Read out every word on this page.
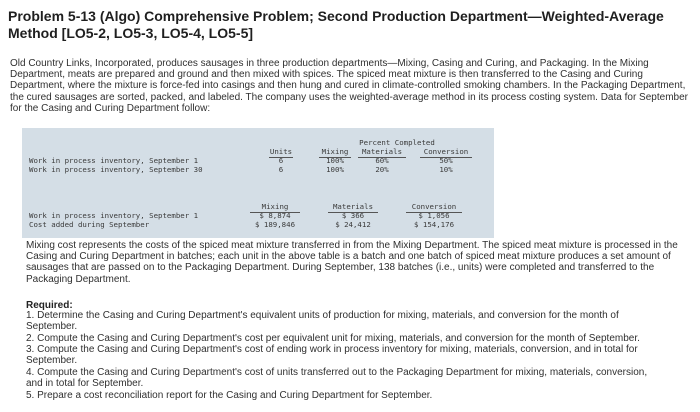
Problem 5-13 (Algo) Comprehensive Problem; Second Production Department—Weighted-Average Method [LO5-2, LO5-3, LO5-4, LO5-5]
Old Country Links, Incorporated, produces sausages in three production departments—Mixing, Casing and Curing, and Packaging. In the Mixing Department, meats are prepared and ground and then mixed with spices. The spiced meat mixture is then transferred to the Casing and Curing Department, where the mixture is force-fed into casings and then hung and cured in climate-controlled smoking chambers. In the Packaging Department, the cured sausages are sorted, packed, and labeled. The company uses the weighted-average method in its process costing system. Data for September for the Casing and Curing Department follow:
Percent Completed
Units	Mixing	Materials	Conversion
Work in process inventory, September 1	6	100%	60%	50%
Work in process inventory, September 30	6	100%	20%	10%
Mixing	Materials	Conversion
Work in process inventory, September 1	$ 8,874	$ 366	$ 1,056
Cost added during September	$ 189,846	$ 24,412	$ 154,176
Mixing cost represents the costs of the spiced meat mixture transferred in from the Mixing Department. The spiced meat mixture is processed in the Casing and Curing Department in batches; each unit in the above table is a batch and one batch of spiced meat mixture produces a set amount of sausages that are passed on to the Packaging Department. During September, 138 batches (i.e., units) were completed and transferred to the Packaging Department.
Required:
1. Determine the Casing and Curing Department's equivalent units of production for mixing, materials, and conversion for the month of September.
2. Compute the Casing and Curing Department's cost per equivalent unit for mixing, materials, and conversion for the month of September.
3. Compute the Casing and Curing Department's cost of ending work in process inventory for mixing, materials, conversion, and in total for September.
4. Compute the Casing and Curing Department's cost of units transferred out to the Packaging Department for mixing, materials, conversion, and in total for September.
5. Prepare a cost reconciliation report for the Casing and Curing Department for September.
